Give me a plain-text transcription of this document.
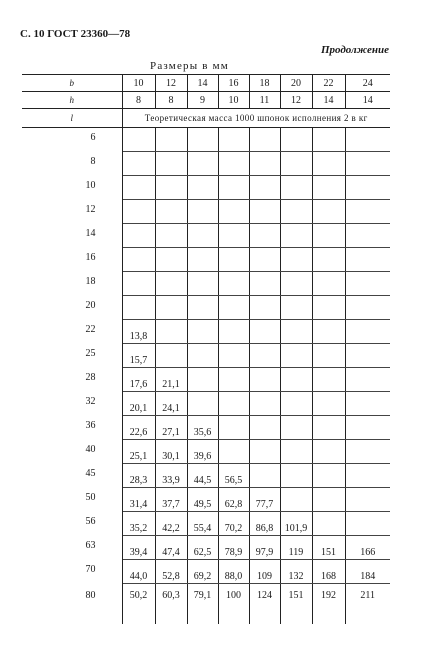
С. 10 ГОСТ 23360—78
Продолжение
Размеры в мм
b	10	12	14	16	18	20	22	24
h	8	8	9	10	11	12	14	14
l	Теоретическая масса 1000 шпонок исполнения 2 в кг							
6								
8								
10								
12								
14								
16								
18								
20								
22	13,8							
25	15,7							
28	17,6	21,1						
32	20,1	24,1						
36	22,6	27,1	35,6					
40	25,1	30,1	39,6					
45	28,3	33,9	44,5	56,5				
50	31,4	37,7	49,5	62,8	77,7			
56	35,2	42,2	55,4	70,2	86,8	101,9		
63	39,4	47,4	62,5	78,9	97,9	119	151	166
70	44,0	52,8	69,2	88,0	109	132	168	184
80	50,2	60,3	79,1	100	124	151	192	211
